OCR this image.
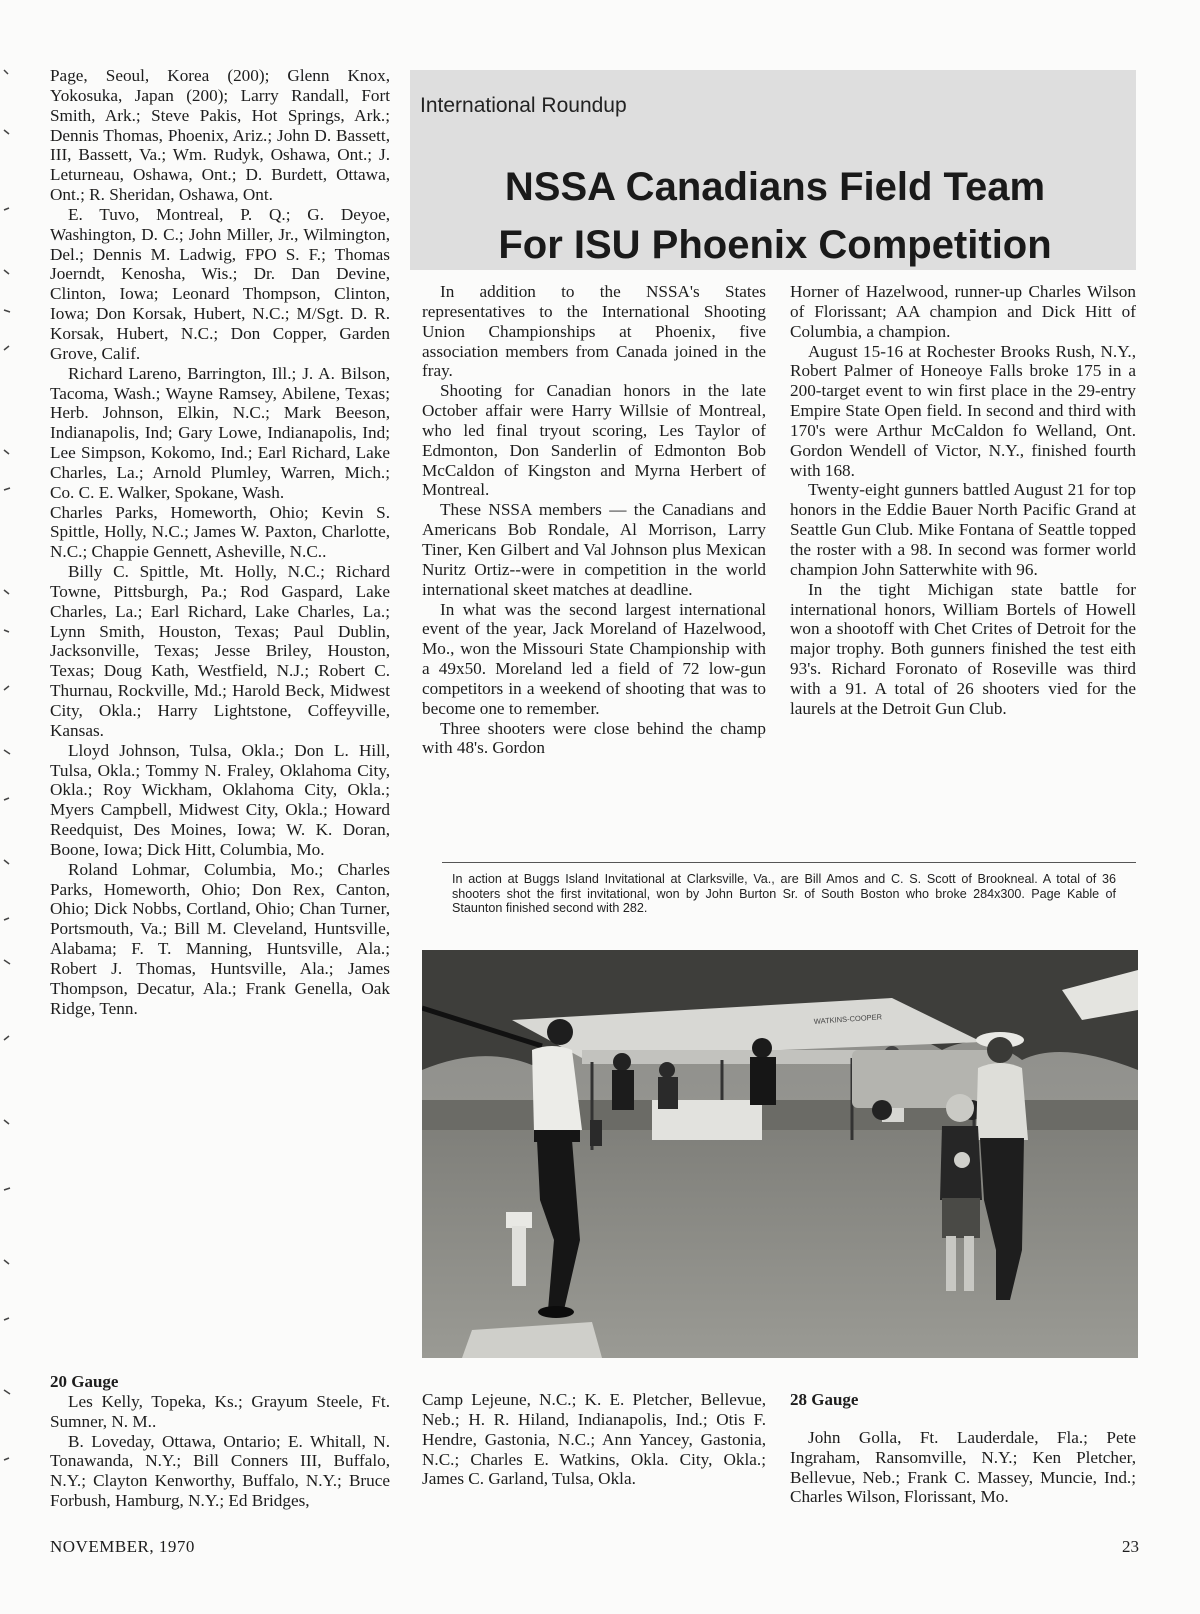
Page, Seoul, Korea (200); Glenn Knox, Yokosuka, Japan (200); Larry Randall, Fort Smith, Ark.; Steve Pakis, Hot Springs, Ark.; Dennis Thomas, Phoenix, Ariz.; John D. Bassett, III, Bassett, Va.; Wm. Rudyk, Oshawa, Ont.; J. Leturneau, Oshawa, Ont.; D. Burdett, Ottawa, Ont.; R. Sheridan, Oshawa, Ont.

E. Tuvo, Montreal, P. Q.; G. Deyoe, Washington, D. C.; John Miller, Jr., Wilmington, Del.; Dennis M. Ladwig, FPO S. F.; Thomas Joerndt, Kenosha, Wis.; Dr. Dan Devine, Clinton, Iowa; Leonard Thompson, Clinton, Iowa; Don Korsak, Hubert, N.C.; M/Sgt. D. R. Korsak, Hubert, N.C.; Don Copper, Garden Grove, Calif.

Richard Lareno, Barrington, Ill.; J. A. Bilson, Tacoma, Wash.; Wayne Ramsey, Abilene, Texas; Herb. Johnson, Elkin, N.C.; Mark Beeson, Indianapolis, Ind; Gary Lowe, Indianapolis, Ind; Lee Simpson, Kokomo, Ind.; Earl Richard, Lake Charles, La.; Arnold Plumley, Warren, Mich.; Co. C. E. Walker, Spokane, Wash.

Charles Parks, Homeworth, Ohio; Kevin S. Spittle, Holly, N.C.; James W. Paxton, Charlotte, N.C.; Chappie Gennett, Asheville, N.C..

Billy C. Spittle, Mt. Holly, N.C.; Richard Towne, Pittsburgh, Pa.; Rod Gaspard, Lake Charles, La.; Earl Richard, Lake Charles, La.; Lynn Smith, Houston, Texas; Paul Dublin, Jacksonville, Texas; Jesse Briley, Houston, Texas; Doug Kath, Westfield, N.J.; Robert C. Thurnau, Rockville, Md.; Harold Beck, Midwest City, Okla.; Harry Lightstone, Coffeyville, Kansas.

Lloyd Johnson, Tulsa, Okla.; Don L. Hill, Tulsa, Okla.; Tommy N. Fraley, Oklahoma City, Okla.; Roy Wickham, Oklahoma City, Okla.; Myers Campbell, Midwest City, Okla.; Howard Reedquist, Des Moines, Iowa; W. K. Doran, Boone, Iowa; Dick Hitt, Columbia, Mo.

Roland Lohmar, Columbia, Mo.; Charles Parks, Homeworth, Ohio; Don Rex, Canton, Ohio; Dick Nobbs, Cortland, Ohio; Chan Turner, Portsmouth, Va.; Bill M. Cleveland, Huntsville, Alabama; F. T. Manning, Huntsville, Ala.; Robert J. Thomas, Huntsville, Ala.; James Thompson, Decatur, Ala.; Frank Genella, Oak Ridge, Tenn.

International Roundup
NSSA Canadians Field Team
For ISU Phoenix Competition

In addition to the NSSA's States representatives to the International Shooting Union Championships at Phoenix, five association members from Canada joined in the fray.

Shooting for Canadian honors in the late October affair were Harry Willsie of Montreal, who led final tryout scoring, Les Taylor of Edmonton, Don Sanderlin of Edmonton Bob McCaldon of Kingston and Myrna Herbert of Montreal.

These NSSA members — the Canadians and Americans Bob Rondale, Al Morrison, Larry Tiner, Ken Gilbert and Val Johnson plus Mexican Nuritz Ortiz--were in competition in the world international skeet matches at deadline.

In what was the second largest international event of the year, Jack Moreland of Hazelwood, Mo., won the Missouri State Championship with a 49x50. Moreland led a field of 72 low-gun competitors in a weekend of shooting that was to become one to remember.

Three shooters were close behind the champ with 48's. Gordon

Horner of Hazelwood, runner-up Charles Wilson of Florissant; AA champion and Dick Hitt of Columbia, a champion.

August 15-16 at Rochester Brooks Rush, N.Y., Robert Palmer of Honeoye Falls broke 175 in a 200-target event to win first place in the 29-entry Empire State Open field. In second and third with 170's were Arthur McCaldon fo Welland, Ont. Gordon Wendell of Victor, N.Y., finished fourth with 168.

Twenty-eight gunners battled August 21 for top honors in the Eddie Bauer North Pacific Grand at Seattle Gun Club. Mike Fontana of Seattle topped the roster with a 98. In second was former world champion John Satterwhite with 96.

In the tight Michigan state battle for international honors, William Bortels of Howell won a shootoff with Chet Crites of Detroit for the major trophy. Both gunners finished the test eith 93's. Richard Foronato of Roseville was third with a 91. A total of 26 shooters vied for the laurels at the Detroit Gun Club.

In action at Buggs Island Invitational at Clarksville, Va., are Bill Amos and C. S. Scott of Brookneal. A total of 36 shooters shot the first invitational, won by John Burton Sr. of South Boston who broke 284x300. Page Kable of Staunton finished second with 282.

WATKINS-COOPER

20 Gauge

Les Kelly, Topeka, Ks.; Grayum Steele, Ft. Sumner, N. M..

B. Loveday, Ottawa, Ontario; E. Whitall, N. Tonawanda, N.Y.; Bill Conners III, Buffalo, N.Y.; Clayton Kenworthy, Buffalo, N.Y.; Bruce Forbush, Hamburg, N.Y.; Ed Bridges,

Camp Lejeune, N.C.; K. E. Pletcher, Bellevue, Neb.; H. R. Hiland, Indianapolis, Ind.; Otis F. Hendre, Gastonia, N.C.; Ann Yancey, Gastonia, N.C.; Charles E. Watkins, Okla. City, Okla.; James C. Garland, Tulsa, Okla.

28 Gauge

John Golla, Ft. Lauderdale, Fla.; Pete Ingraham, Ransomville, N.Y.; Ken Pletcher, Bellevue, Neb.; Frank C. Massey, Muncie, Ind.; Charles Wilson, Florissant, Mo.

NOVEMBER, 1970	23
